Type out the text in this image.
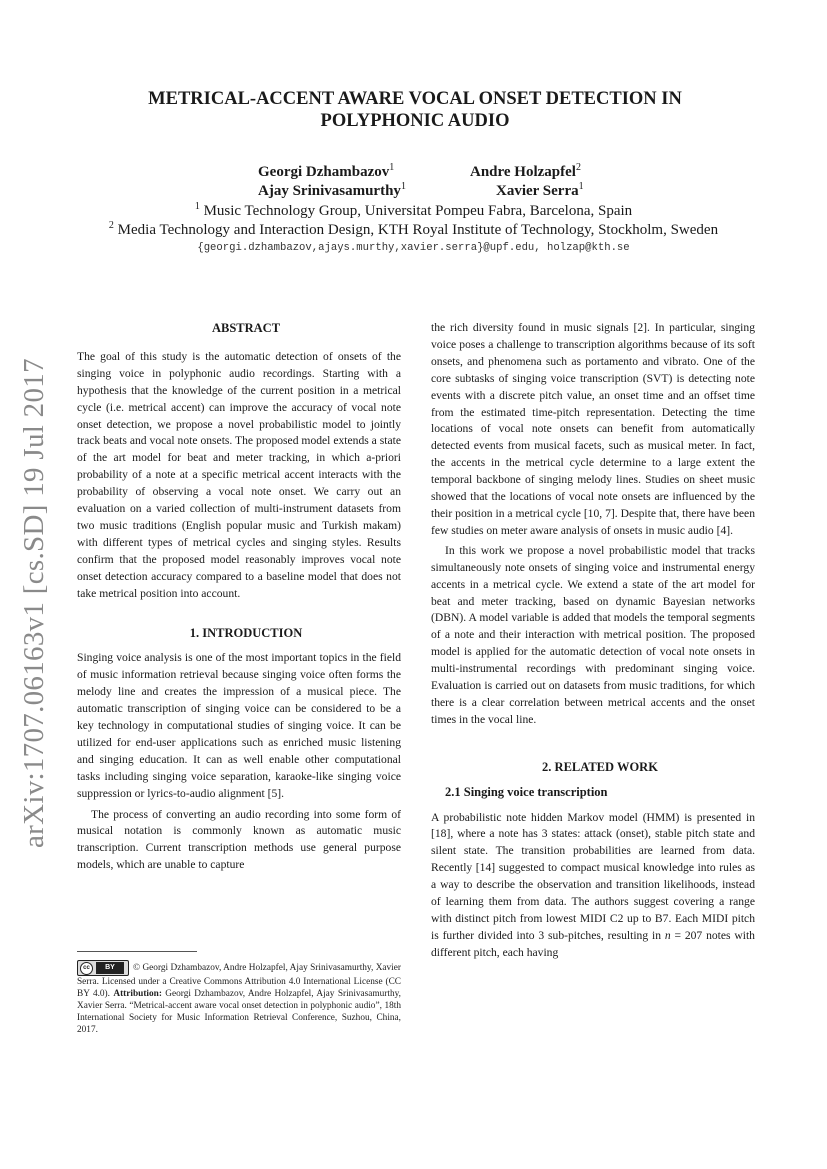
arXiv:1707.06163v1 [cs.SD] 19 Jul 2017
METRICAL-ACCENT AWARE VOCAL ONSET DETECTION IN POLYPHONIC AUDIO
Georgi Dzhambazov$^1$	Andre Holzapfel$^2$
Ajay Srinivasamurthy$^1$	Xavier Serra$^1$
$^1$ Music Technology Group, Universitat Pompeu Fabra, Barcelona, Spain
$^2$ Media Technology and Interaction Design, KTH Royal Institute of Technology, Stockholm, Sweden
{georgi.dzhambazov,ajays.murthy,xavier.serra}@upf.edu, holzap@kth.se

ABSTRACT

The goal of this study is the automatic detection of onsets of the singing voice in polyphonic audio recordings. Starting with a hypothesis that the knowledge of the current position in a metrical cycle (i.e. metrical accent) can improve the accuracy of vocal note onset detection, we propose a novel probabilistic model to jointly track beats and vocal note onsets. The proposed model extends a state of the art model for beat and meter tracking, in which a-priori probability of a note at a specific metrical accent interacts with the probability of observing a vocal note onset. We carry out an evaluation on a varied collection of multi-instrument datasets from two music traditions (English popular music and Turkish makam) with different types of metrical cycles and singing styles. Results confirm that the proposed model reasonably improves vocal note onset detection accuracy compared to a baseline model that does not take metrical position into account.

1. INTRODUCTION

Singing voice analysis is one of the most important topics in the field of music information retrieval because singing voice often forms the melody line and creates the impression of a musical piece. The automatic transcription of singing voice can be considered to be a key technology in computational studies of singing voice. It can be utilized for end-user applications such as enriched music listening and singing education. It can as well enable other computational tasks including singing voice separation, karaoke-like singing voice suppression or lyrics-to-audio alignment [5].

The process of converting an audio recording into some form of musical notation is commonly known as automatic music transcription. Current transcription methods use general purpose models, which are unable to capture

cc	BY	© Georgi Dzhambazov, Andre Holzapfel, Ajay Srinivasamurthy, Xavier Serra. Licensed under a Creative Commons Attribution 4.0 International License (CC BY 4.0). Attribution: Georgi Dzhambazov, Andre Holzapfel, Ajay Srinivasamurthy, Xavier Serra. “Metrical-accent aware vocal onset detection in polyphonic audio”, 18th International Society for Music Information Retrieval Conference, Suzhou, China, 2017.

the rich diversity found in music signals [2]. In particular, singing voice poses a challenge to transcription algorithms because of its soft onsets, and phenomena such as portamento and vibrato. One of the core subtasks of singing voice transcription (SVT) is detecting note events with a discrete pitch value, an onset time and an offset time from the estimated time-pitch representation. Detecting the time locations of vocal note onsets can benefit from automatically detected events from musical facets, such as musical meter. In fact, the accents in the metrical cycle determine to a large extent the temporal backbone of singing melody lines. Studies on sheet music showed that the locations of vocal note onsets are influenced by the their position in a metrical cycle [10, 7]. Despite that, there have been few studies on meter aware analysis of onsets in music audio [4].

In this work we propose a novel probabilistic model that tracks simultaneously note onsets of singing voice and instrumental energy accents in a metrical cycle. We extend a state of the art model for beat and meter tracking, based on dynamic Bayesian networks (DBN). A model variable is added that models the temporal segments of a note and their interaction with metrical position. The proposed model is applied for the automatic detection of vocal note onsets in multi-instrumental recordings with predominant singing voice. Evaluation is carried out on datasets from music traditions, for which there is a clear correlation between metrical accents and the onset times in the vocal line.

2. RELATED WORK

2.1 Singing voice transcription

A probabilistic note hidden Markov model (HMM) is presented in [18], where a note has 3 states: attack (onset), stable pitch state and silent state. The transition probabilities are learned from data. Recently [14] suggested to compact musical knowledge into rules as a way to describe the observation and transition likelihoods, instead of learning them from data. The authors suggest covering a range with distinct pitch from lowest MIDI C2 up to B7. Each MIDI pitch is further divided into 3 sub-pitches, resulting in n = 207 notes with different pitch, each having
